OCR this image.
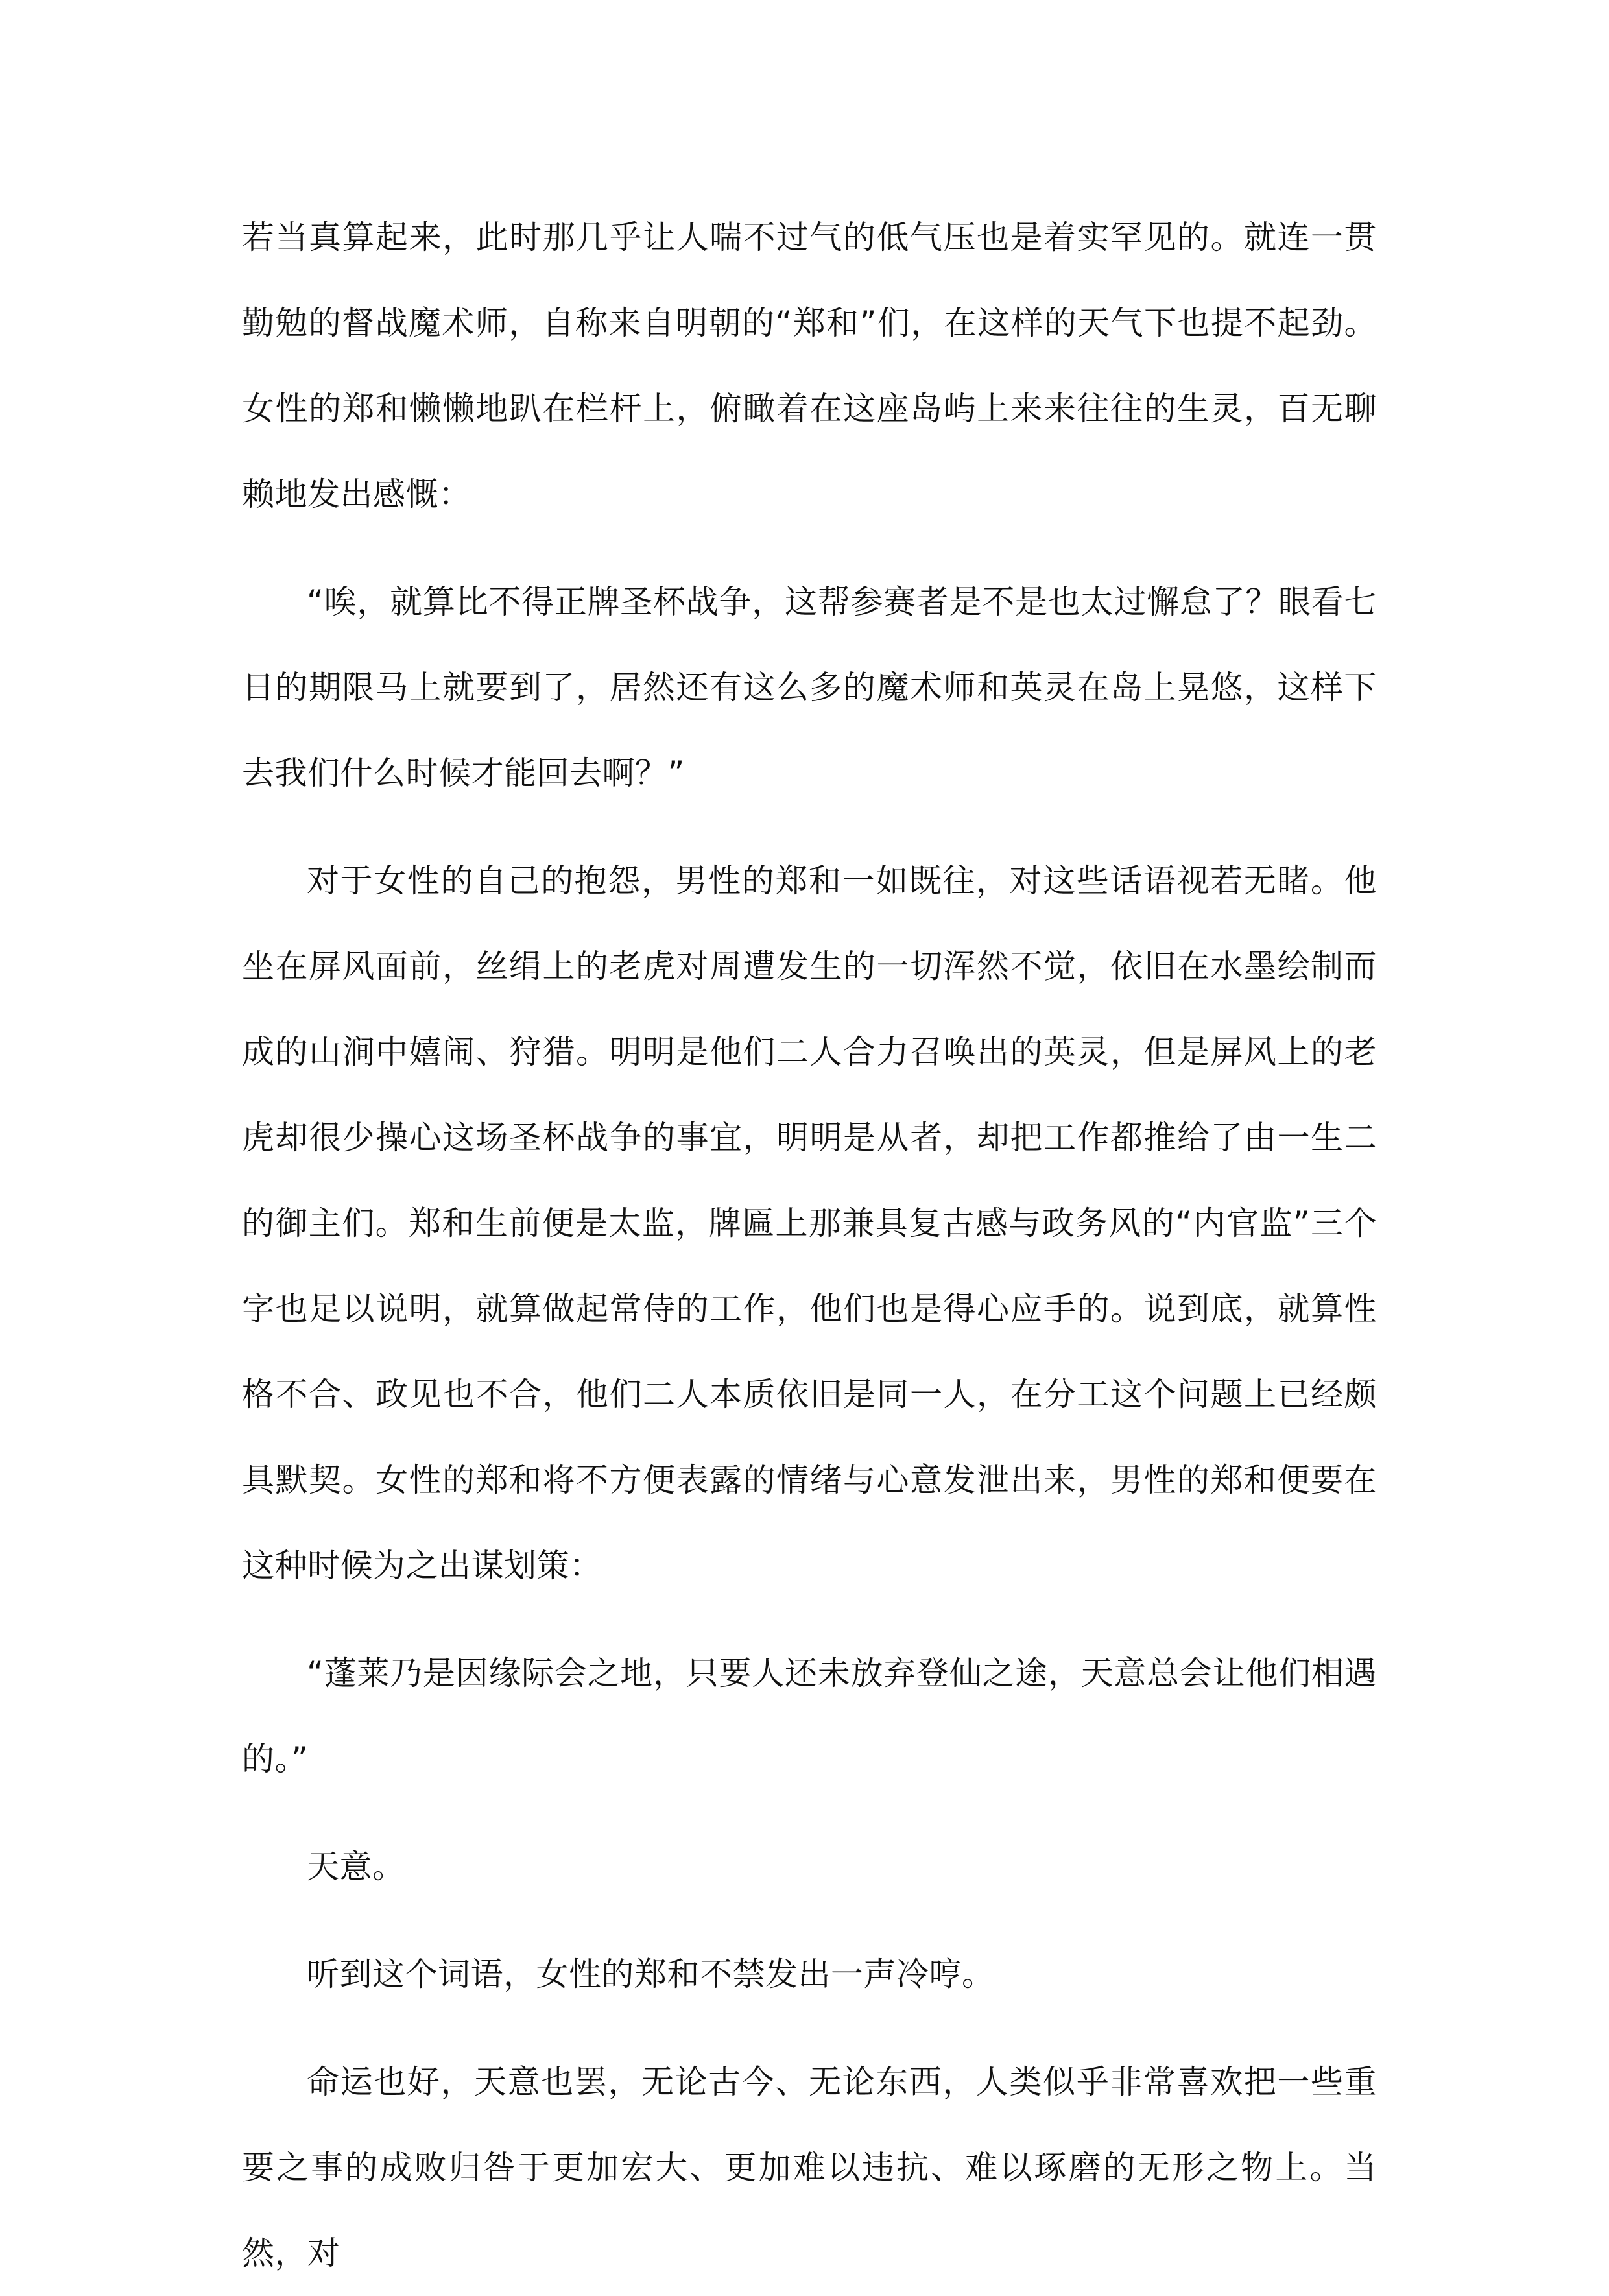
若当真算起来，此时那几乎让人喘不过气的低气压也是着实罕见的。就连一贯勤勉的督战魔术师，自称来自明朝的“郑和”们，在这样的天气下也提不起劲。女性的郑和懒懒地趴在栏杆上，俯瞰着在这座岛屿上来来往往的生灵，百无聊赖地发出感慨：

“唉，就算比不得正牌圣杯战争，这帮参赛者是不是也太过懈怠了？眼看七日的期限马上就要到了，居然还有这么多的魔术师和英灵在岛上晃悠，这样下去我们什么时候才能回去啊？”

对于女性的自己的抱怨，男性的郑和一如既往，对这些话语视若无睹。他坐在屏风面前，丝绢上的老虎对周遭发生的一切浑然不觉，依旧在水墨绘制而成的山涧中嬉闹、狩猎。明明是他们二人合力召唤出的英灵，但是屏风上的老虎却很少操心这场圣杯战争的事宜，明明是从者，却把工作都推给了由一生二的御主们。郑和生前便是太监，牌匾上那兼具复古感与政务风的“内官监”三个字也足以说明，就算做起常侍的工作，他们也是得心应手的。说到底，就算性格不合、政见也不合，他们二人本质依旧是同一人，在分工这个问题上已经颇具默契。女性的郑和将不方便表露的情绪与心意发泄出来，男性的郑和便要在这种时候为之出谋划策：

“蓬莱乃是因缘际会之地，只要人还未放弃登仙之途，天意总会让他们相遇的。”

天意。

听到这个词语，女性的郑和不禁发出一声冷哼。

命运也好，天意也罢，无论古今、无论东西，人类似乎非常喜欢把一些重要之事的成败归咎于更加宏大、更加难以违抗、难以琢磨的无形之物上。当然，对
